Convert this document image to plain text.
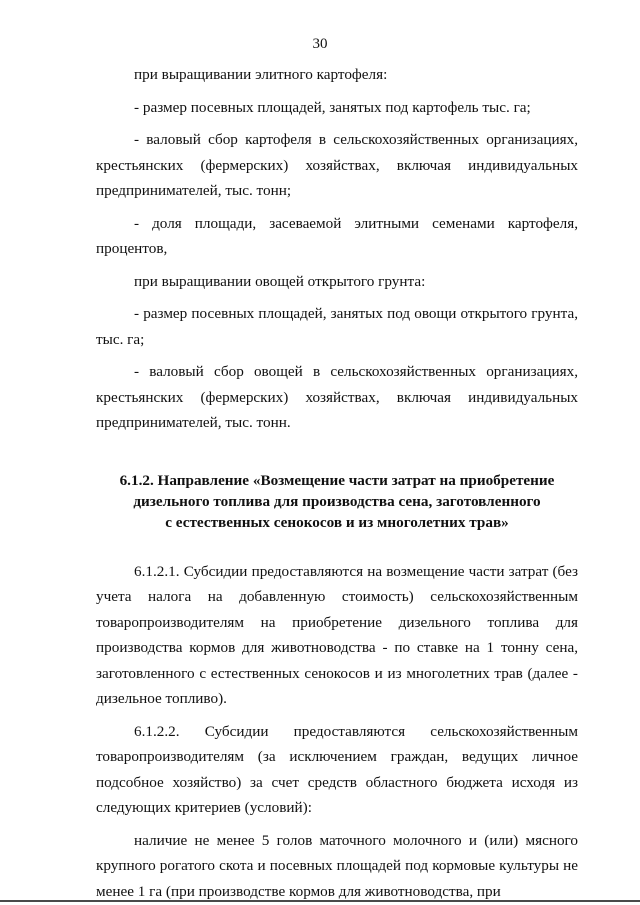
30

при выращивании элитного картофеля:

- размер посевных площадей, занятых под картофель тыс. га;

- валовый сбор картофеля в сельскохозяйственных организациях, крестьянских (фермерских) хозяйствах, включая индивидуальных предпринимателей, тыс. тонн;

- доля площади, засеваемой элитными семенами картофеля, процентов,

при выращивании овощей открытого грунта:

- размер посевных площадей, занятых под овощи открытого грунта, тыс. га;

- валовый сбор овощей в сельскохозяйственных организациях, крестьянских (фермерских) хозяйствах, включая индивидуальных предпринимателей, тыс. тонн.

6.1.2. Направление «Возмещение части затрат на приобретение
дизельного топлива для производства сена, заготовленного
с естественных сенокосов и из многолетних трав»

6.1.2.1. Субсидии предоставляются на возмещение части затрат (без учета налога на добавленную стоимость) сельскохозяйственным товаропроизводителям на приобретение дизельного топлива для производства кормов для животноводства - по ставке на 1 тонну сена, заготовленного с естественных сенокосов и из многолетних трав (далее - дизельное топливо).

6.1.2.2. Субсидии предоставляются сельскохозяйственным товаропроизводителям (за исключением граждан, ведущих личное подсобное хозяйство) за счет средств областного бюджета исходя из следующих критериев (условий):

наличие не менее 5 голов маточного молочного и (или) мясного крупного рогатого скота и посевных площадей под кормовые культуры не менее 1 га (при производстве кормов для животноводства, при
